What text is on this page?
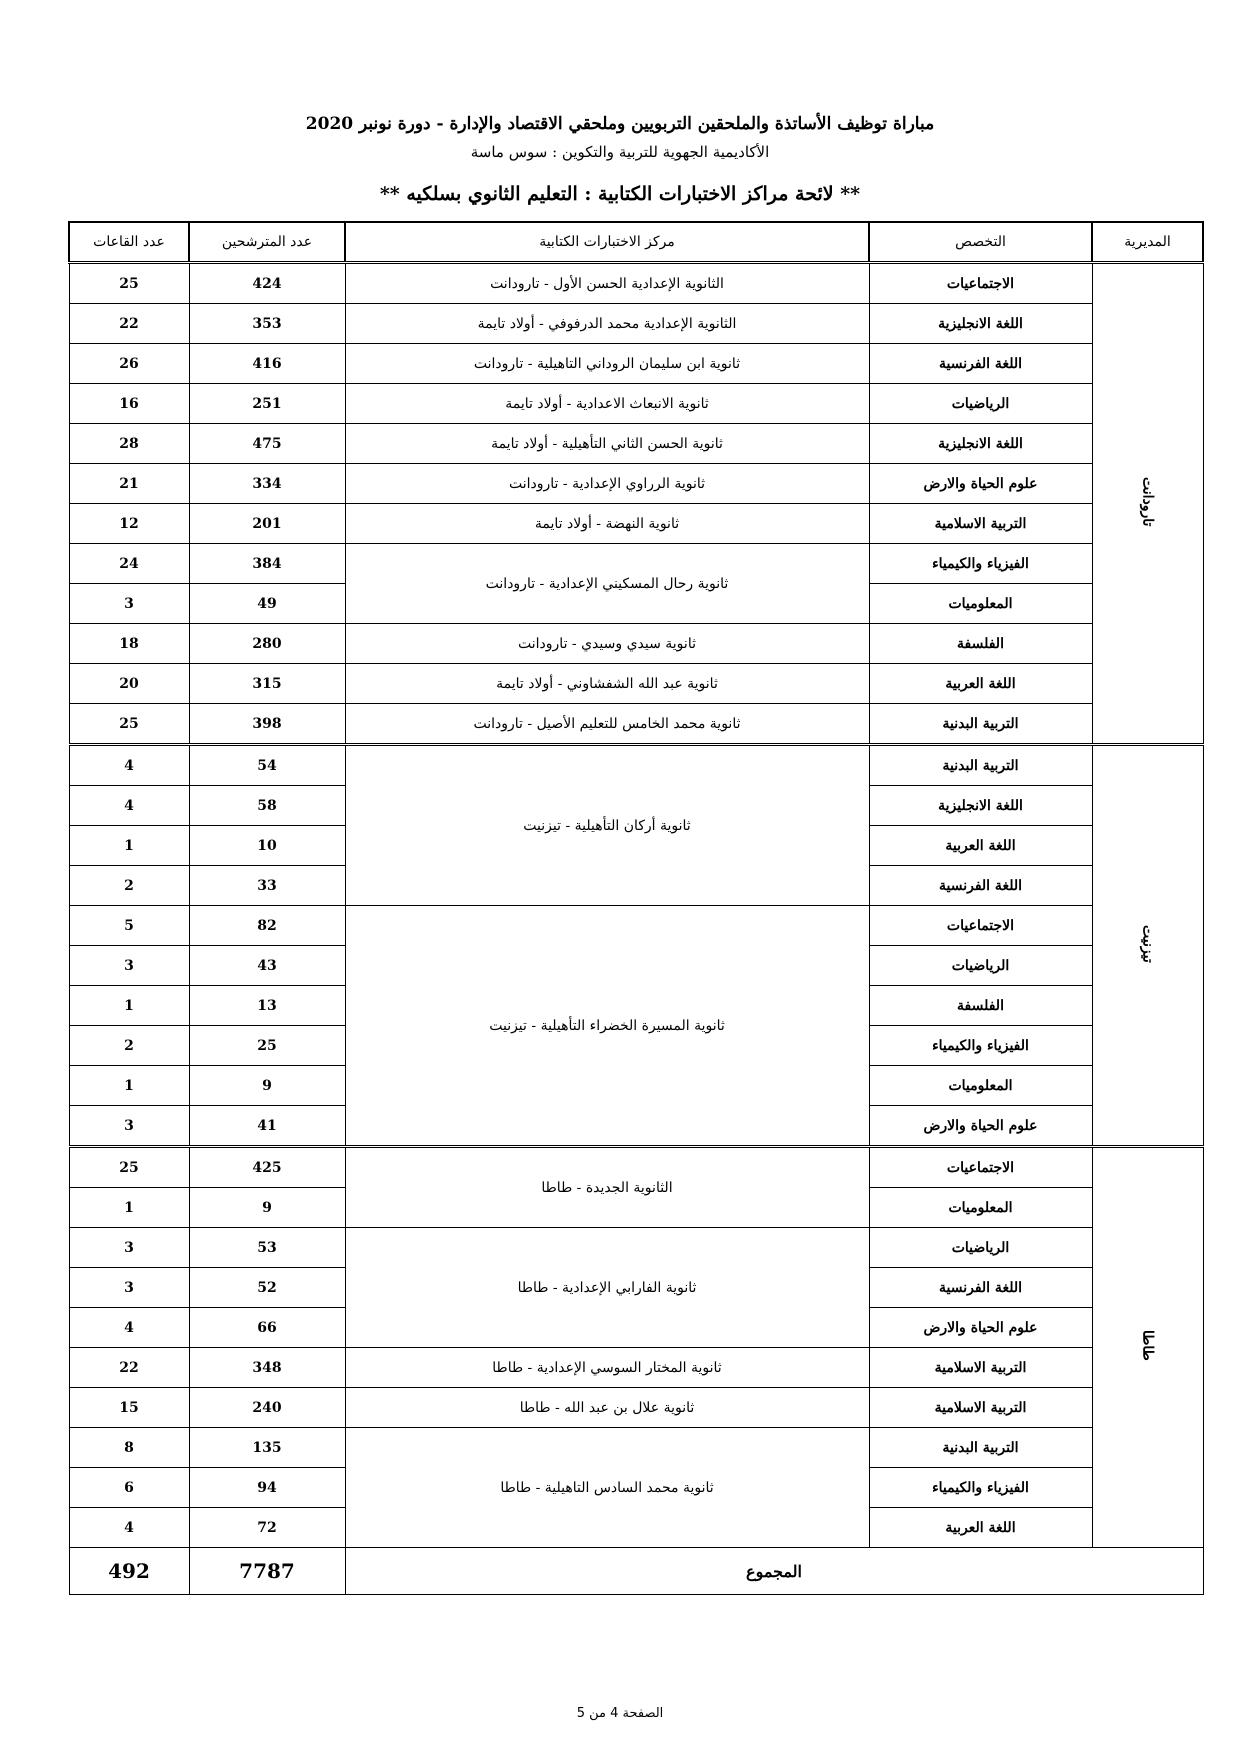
مباراة توظيف الأساتذة والملحقين التربويين وملحقي الاقتصاد والإدارة - دورة نونبر 2020
الأكاديمية الجهوية للتربية والتكوين : سوس ماسة
** لائحة مراكز الاختبارات الكتابية : التعليم الثانوي بسلكيه **
المديرية	التخصص	مركز الاختبارات الكتابية	عدد المترشحين	عدد القاعات
تارودانت	الاجتماعيات	الثانوية الإعدادية الحسن الأول - تارودانت	424	25
	اللغة الانجليزية	الثانوية الإعدادية محمد الدرفوفي - أولاد تايمة	353	22
	اللغة الفرنسية	ثانوية ابن سليمان الروداني التاهيلية - تارودانت	416	26
	الرياضيات	ثانوية الانبعاث الاعدادية - أولاد تايمة	251	16
	اللغة الانجليزية	ثانوية الحسن الثاني التأهيلية - أولاد تايمة	475	28
	علوم الحياة والارض	ثانوية الرراوي الإعدادية - تارودانت	334	21
	التربية الاسلامية	ثانوية النهضة - أولاد تايمة	201	12
	الفيزياء والكيمياء	ثانوية رحال المسكيني الإعدادية - تارودانت	384	24
	المعلوميات		49	3
	الفلسفة	ثانوية سيدي وسيدي - تارودانت	280	18
	اللغة العربية	ثانوية عبد الله الشفشاوني - أولاد تايمة	315	20
	التربية البدنية	ثانوية محمد الخامس للتعليم الأصيل - تارودانت	398	25
تيزنيت	التربية البدنية	ثانوية أركان التأهيلية - تيزنيت	54	4
	اللغة الانجليزية		58	4
	اللغة العربية		10	1
	اللغة الفرنسية		33	2
	الاجتماعيات	ثانوية المسيرة الخضراء التأهيلية - تيزنيت	82	5
	الرياضيات		43	3
	الفلسفة		13	1
	الفيزياء والكيمياء		25	2
	المعلوميات		9	1
	علوم الحياة والارض		41	3
طاطا	الاجتماعيات	الثانوية الجديدة - طاطا	425	25
	المعلوميات		9	1
	الرياضيات	ثانوية الفارابي الإعدادية - طاطا	53	3
	اللغة الفرنسية		52	3
	علوم الحياة والارض		66	4
	التربية الاسلامية	ثانوية المختار السوسي الإعدادية - طاطا	348	22
	التربية الاسلامية	ثانوية علال بن عبد الله - طاطا	240	15
	التربية البدنية	ثانوية محمد السادس التاهيلية - طاطا	135	8
	الفيزياء والكيمياء		94	6
	اللغة العربية		72	4
المجموع			7787	492
الصفحة 4 من 5
